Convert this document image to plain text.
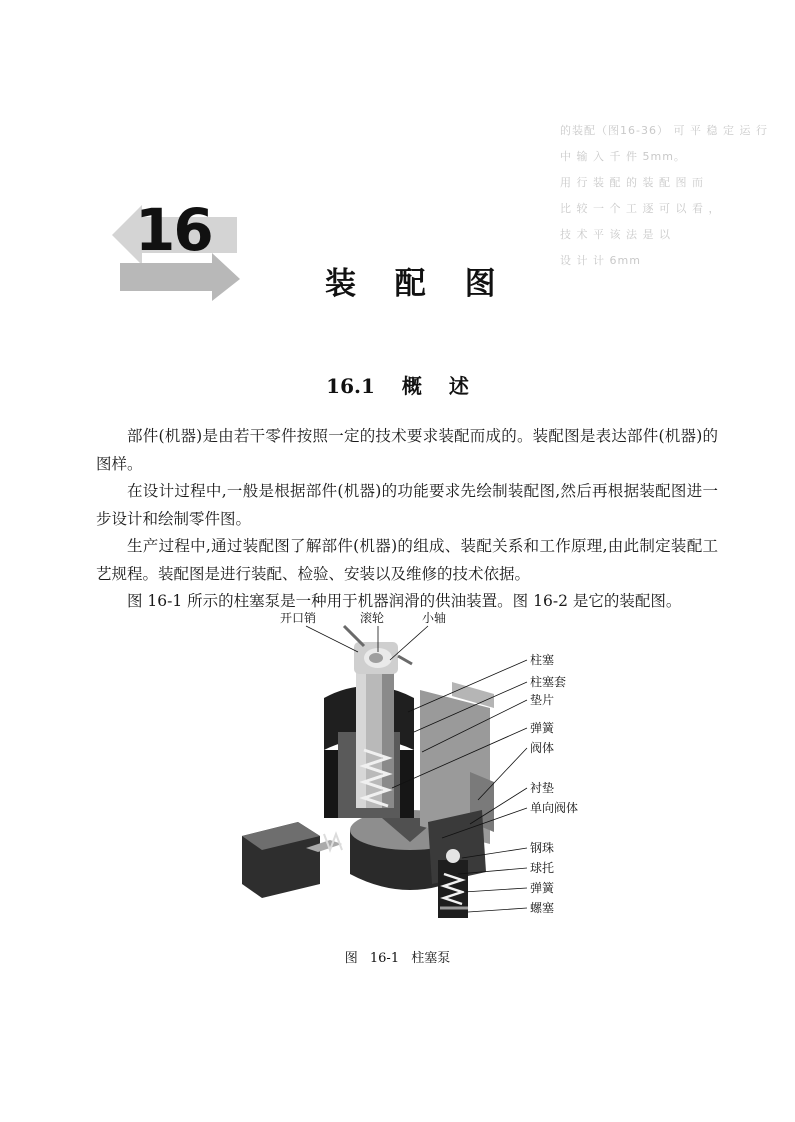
的装配（图16-36） 可 平 稳 定 运 行
中 输 入 千 件 5mm。
用 行 装 配 的 装 配 图 而
比 较 一 个 工 逐 可 以 看 ，
技 术 平 该 法 是 以
设 计 计 6mm
16
装 配 图
16.1 概 述

部件(机器)是由若干零件按照一定的技术要求装配而成的。装配图是表达部件(机器)的图样。

在设计过程中,一般是根据部件(机器)的功能要求先绘制装配图,然后再根据装配图进一步设计和绘制零件图。

生产过程中,通过装配图了解部件(机器)的组成、装配关系和工作原理,由此制定装配工艺规程。装配图是进行装配、检验、安装以及维修的技术依据。

图 16-1 所示的柱塞泵是一种用于机器润滑的供油装置。图 16-2 是它的装配图。

开口销	滚轮	小轴
柱塞
柱塞套
垫片
弹簧
阀体
衬垫
单向阀体
钢珠
球托
弹簧
螺塞
图 16-1 柱塞泵
